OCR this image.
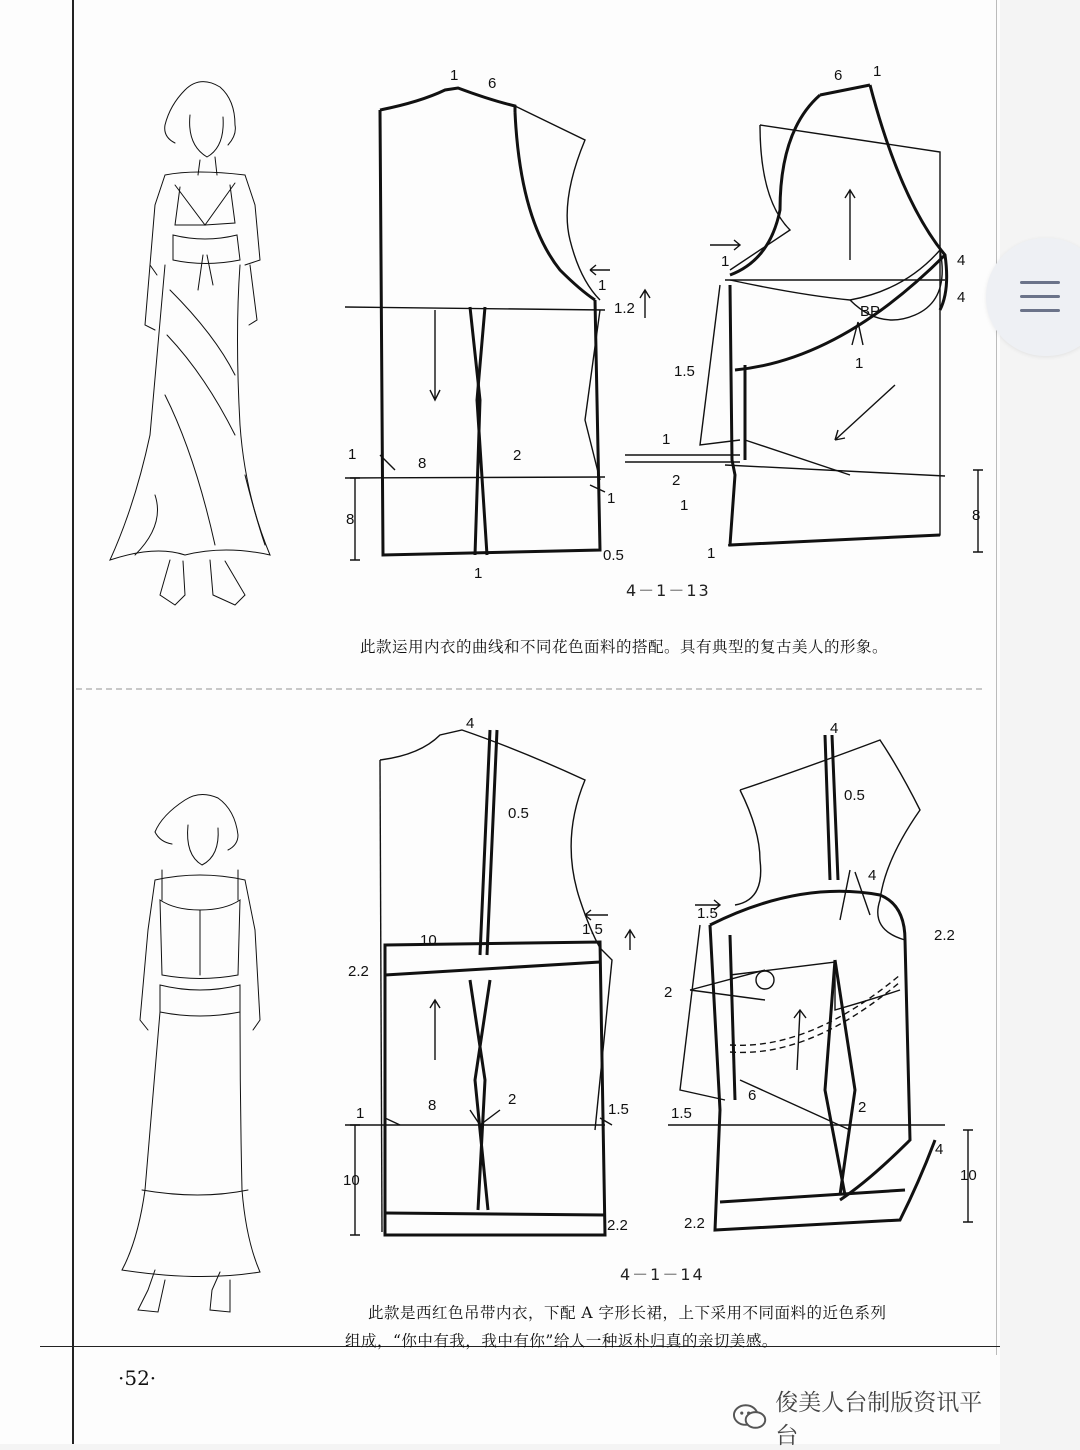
1 6	6 1
1.2
1
1
BP
4
4
1.5	1
1
2
1
1
1
8	2
1
8
0.5
1
8
4－1－13
此款运用内衣的曲线和不同花色面料的搭配。具有典型的复古美人的形象。
4
0.5
1.5
10
2.2
1	8	2
1.5
10
2.2
4
0.5
4
1.5
2.2
2
6
1.5	2
4
10
2.2
4－1－14
此款是西红色吊带内衣，下配 A 字形长裙，上下采用不同面料的近色系列
组成，“你中有我，我中有你”给人一种返朴归真的亲切美感。
·52·
俊美人台制版资讯平台
